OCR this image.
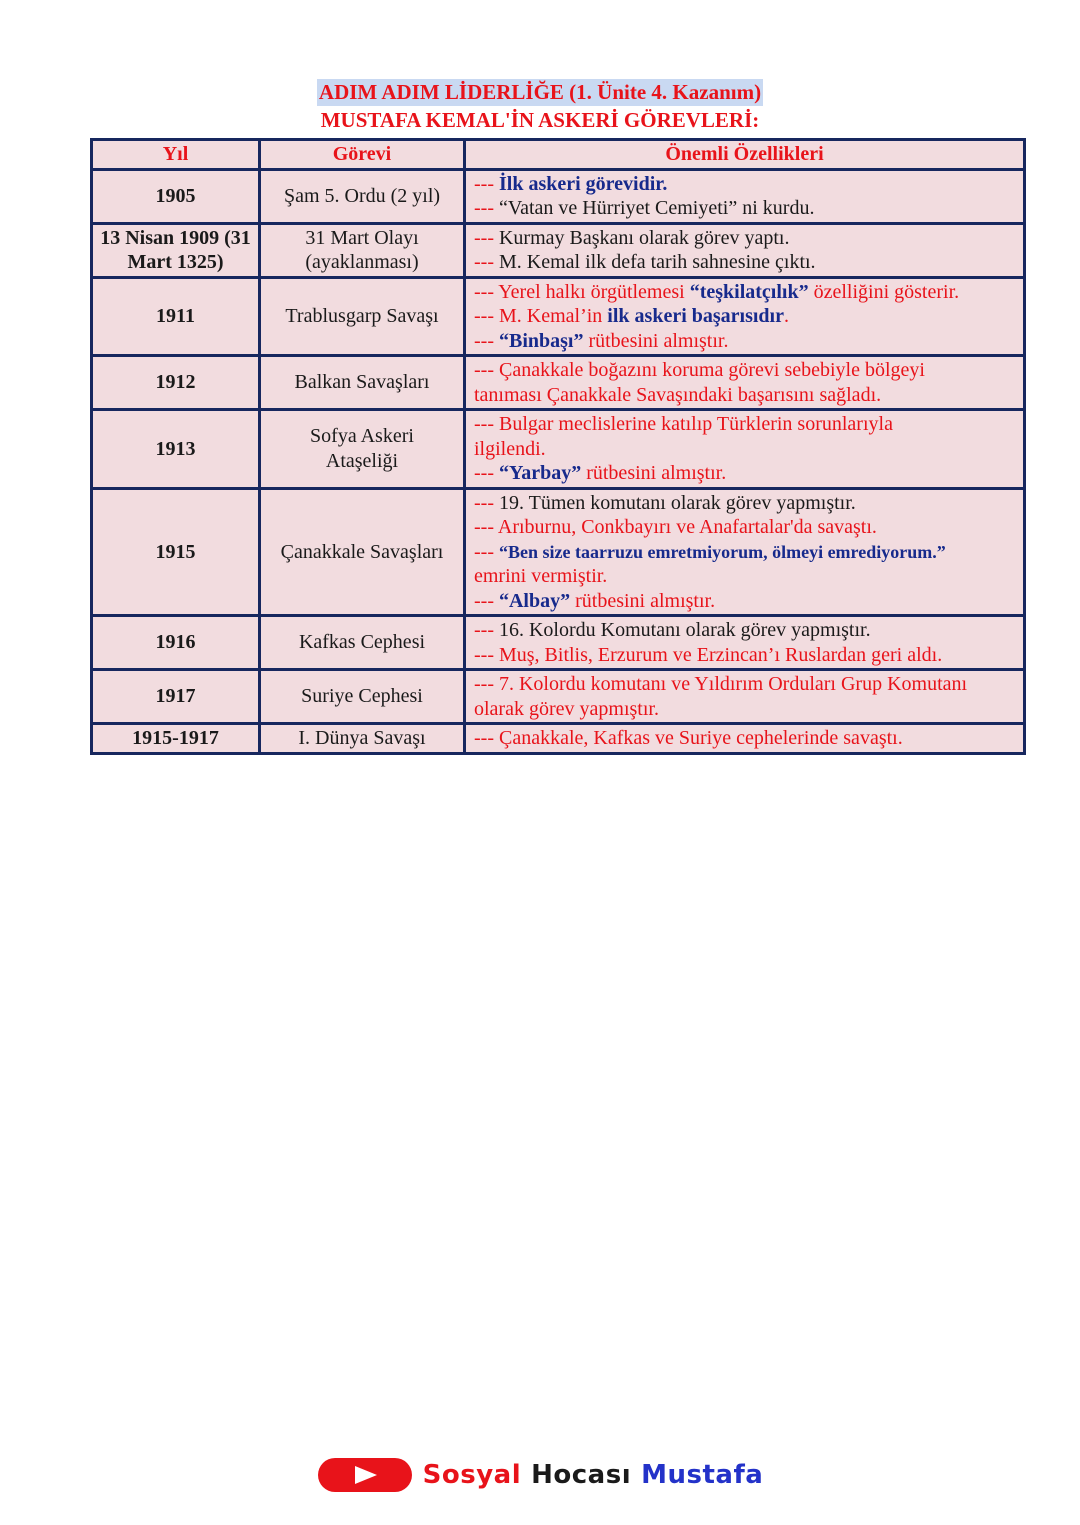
ADIM ADIM LİDERLİĞE (1. Ünite 4. Kazanım)
MUSTAFA KEMAL'İN ASKERİ GÖREVLERİ:
Yıl	Görevi	Önemli Özellikleri
1905	Şam 5. Ordu (2 yıl)	--- İlk askeri görevidir.
--- “Vatan ve Hürriyet Cemiyeti” ni kurdu.

13 Nisan 1909 (31 Mart 1325)	31 Mart Olayı (ayaklanması)	--- Kurmay Başkanı olarak görev yaptı.
--- M. Kemal ilk defa tarih sahnesine çıktı.

1911	Trablusgarp Savaşı	--- Yerel halkı örgütlemesi “teşkilatçılık” özelliğini gösterir.
--- M. Kemal’in ilk askeri başarısıdır.
--- “Binbaşı” rütbesini almıştır.

1912	Balkan Savaşları	--- Çanakkale boğazını koruma görevi sebebiyle bölgeyi
tanıması Çanakkale Savaşındaki başarısını sağladı.

1913	Sofya Askeri Ataşeliği	--- Bulgar meclislerine katılıp Türklerin sorunlarıyla
ilgilendi.
--- “Yarbay” rütbesini almıştır.

1915	Çanakkale Savaşları	--- 19. Tümen komutanı olarak görev yapmıştır.
--- Arıburnu, Conkbayırı ve Anafartalar'da savaştı.
--- “Ben size taarruzu emretmiyorum, ölmeyi emrediyorum.”
emrini vermiştir.
--- “Albay” rütbesini almıştır.

1916	Kafkas Cephesi	--- 16. Kolordu Komutanı olarak görev yapmıştır.
--- Muş, Bitlis, Erzurum ve Erzincan’ı Ruslardan geri aldı.

1917	Suriye Cephesi	--- 7. Kolordu komutanı ve Yıldırım Orduları Grup Komutanı
olarak görev yapmıştır.

1915-1917	I. Dünya Savaşı	--- Çanakkale, Kafkas ve Suriye cephelerinde savaştı.
Sosyal Hocası Mustafa
